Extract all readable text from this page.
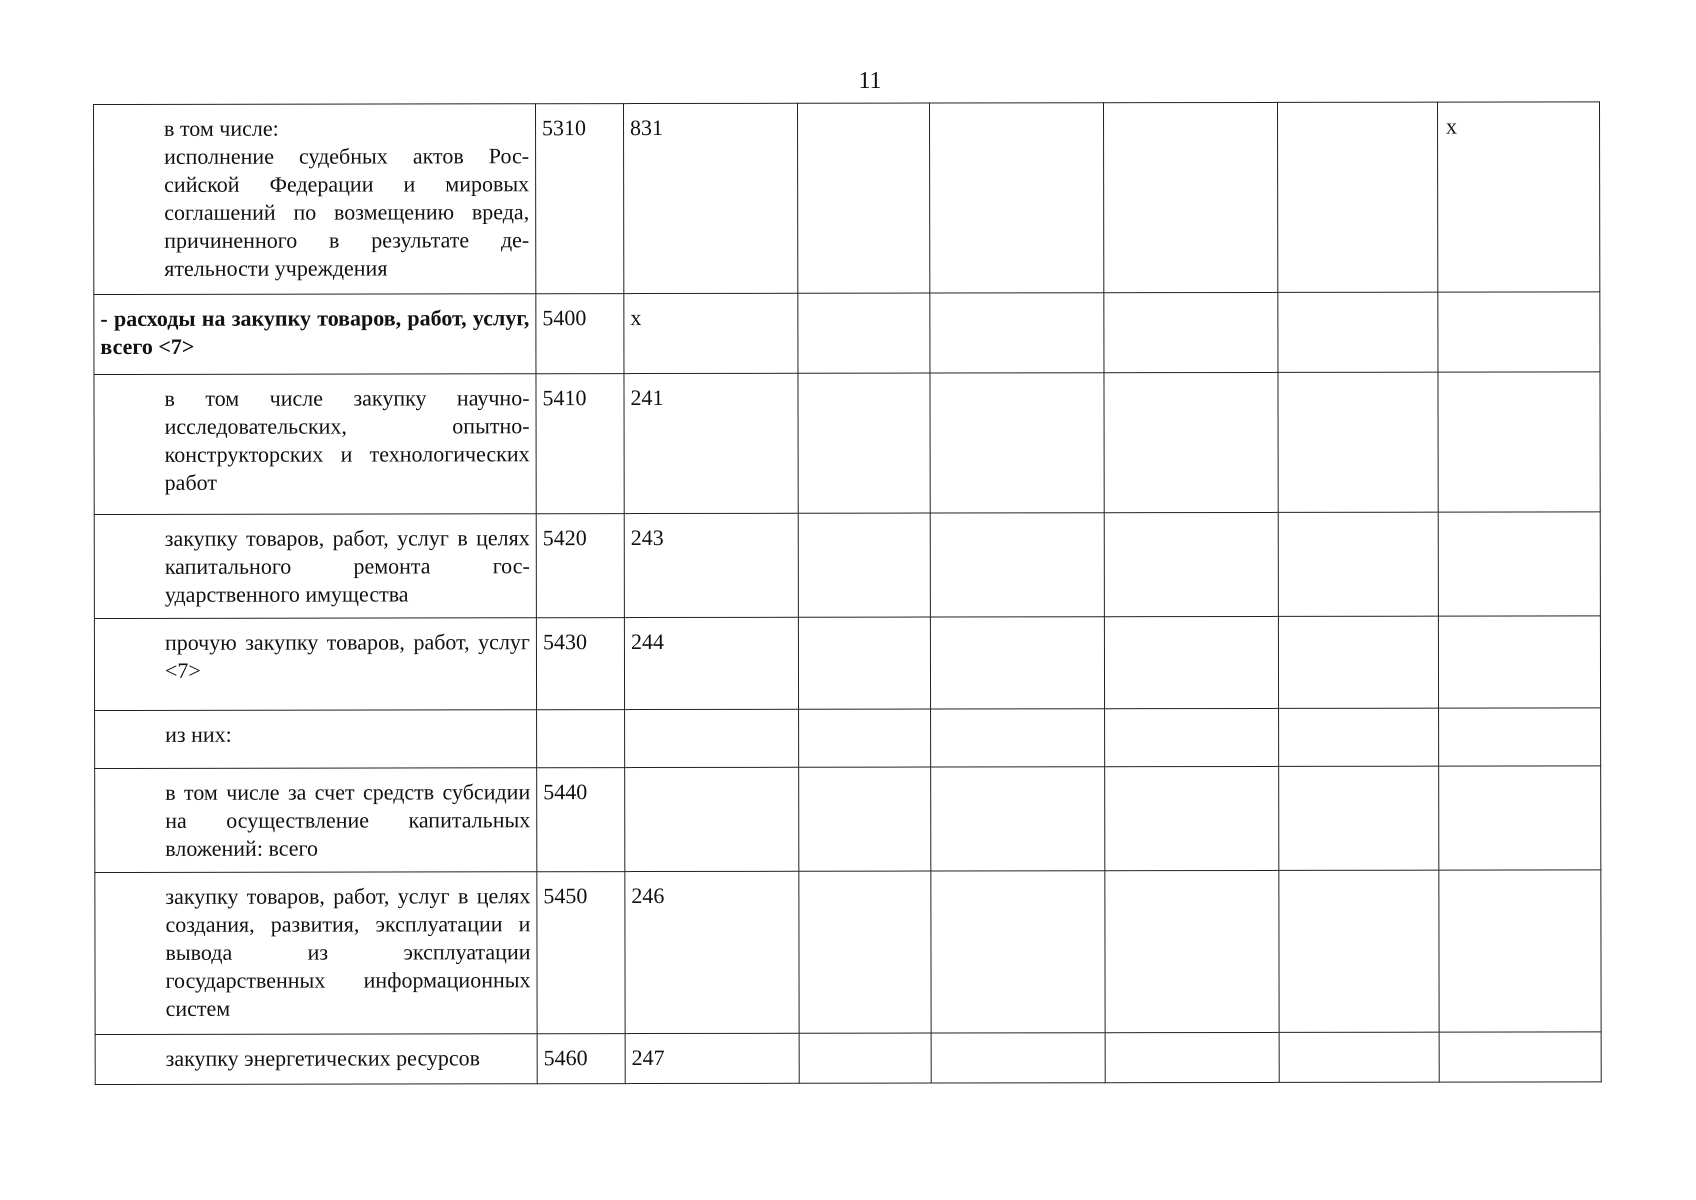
11
в том числе:
исполнение судебных актов Российской Федерации и мировых соглашений по возмещению вреда, причиненного в результате деятельности учреждения	5310	831					x
- расходы на закупку товаров, работ, услуг, всего <7>	5400	x					
в том числе закупку научно-исследовательских, опытно-конструкторских и технологических работ	5410	241					
закупку товаров, работ, услуг в целях капитального ремонта государственного имущества	5420	243					
прочую закупку товаров, работ, услуг <7>	5430	244					
из них:							
в том числе за счет средств субсидии на осуществление капитальных вложений: всего	5440						
закупку товаров, работ, услуг в целях создания, развития, эксплуатации и вывода из эксплуатации государственных информационных систем	5450	246					
закупку энергетических ресурсов	5460	247					
